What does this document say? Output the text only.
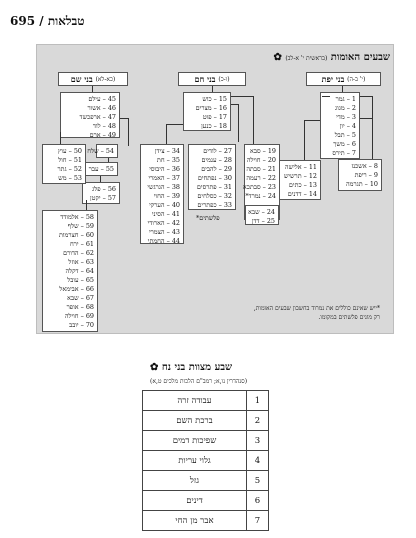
695 / טבלאות
✿	שבעים האומות (בראשית י' א-לב)
בני יפת
(י' ב-ה)
בני חם
(ו-כ)
בני שם
(כא-לא)
1 – גמר
2 – מגוג
3 – מדי
4 – יון
5 – תבל
6 – משך
7 – תירס
8 – אשכנז
9 – ריפת
10 – תגרמה
11 – אלישה
12 – תרשיש
13 – כתים
14 – דדנים
15 – כוש
16 – מצרים
17 – פוט
18 – כנען
19 – סבא
20 – חוילה
21 – סבתה
22 – רעמה
23 – סבתכא
24 – נמרד*
24 – שבא
25 – דדן
27 – לודים
28 – ענמים
29 – להבים
30 – נפתחים
31 – פתרסים
32 – כסלחים
33 – כפתרים
*פלשתים
34 – צידן
35 – חת
36 – היבוסי
37 – האמרי
38 – הגרגשי
39 – החוי
40 – הערקי
41 – הסיני
42 – הארודי
43 – הצמרי
44 – החמתי
45 – עילם
46 – אשור
47 – ארפכשד
48 – לוד
49 – ארם
54 – שלח
55 – עבר
56 – פלג
57 – יקטן
50 – עוץ
51 – חול
52 – גתר
53 – מש
58 – אלמודד
59 – שלף
60 – חצרמות
61 – ירח
62 – הדורם
63 – אוזל
64 – דקלה
65 – עובל
66 – אבימאל
67 – שבא
68 – אופר
69 – חוילה
70 – יובב
*ייש שאינם כוללים את נמרוד בחשבון שבעים האומות,
רק מונים פלשתים במקומו.
✿ שבע מצוות בני נח
(סנהדרין נו,א; רמב"ם הלכות מלכים ט,א)
עבודה זרה	1
ברכת השם	2
שפיכות דמים	3
גלוי עריות	4
גזל	5
דינים	6
אבר מן החי	7
